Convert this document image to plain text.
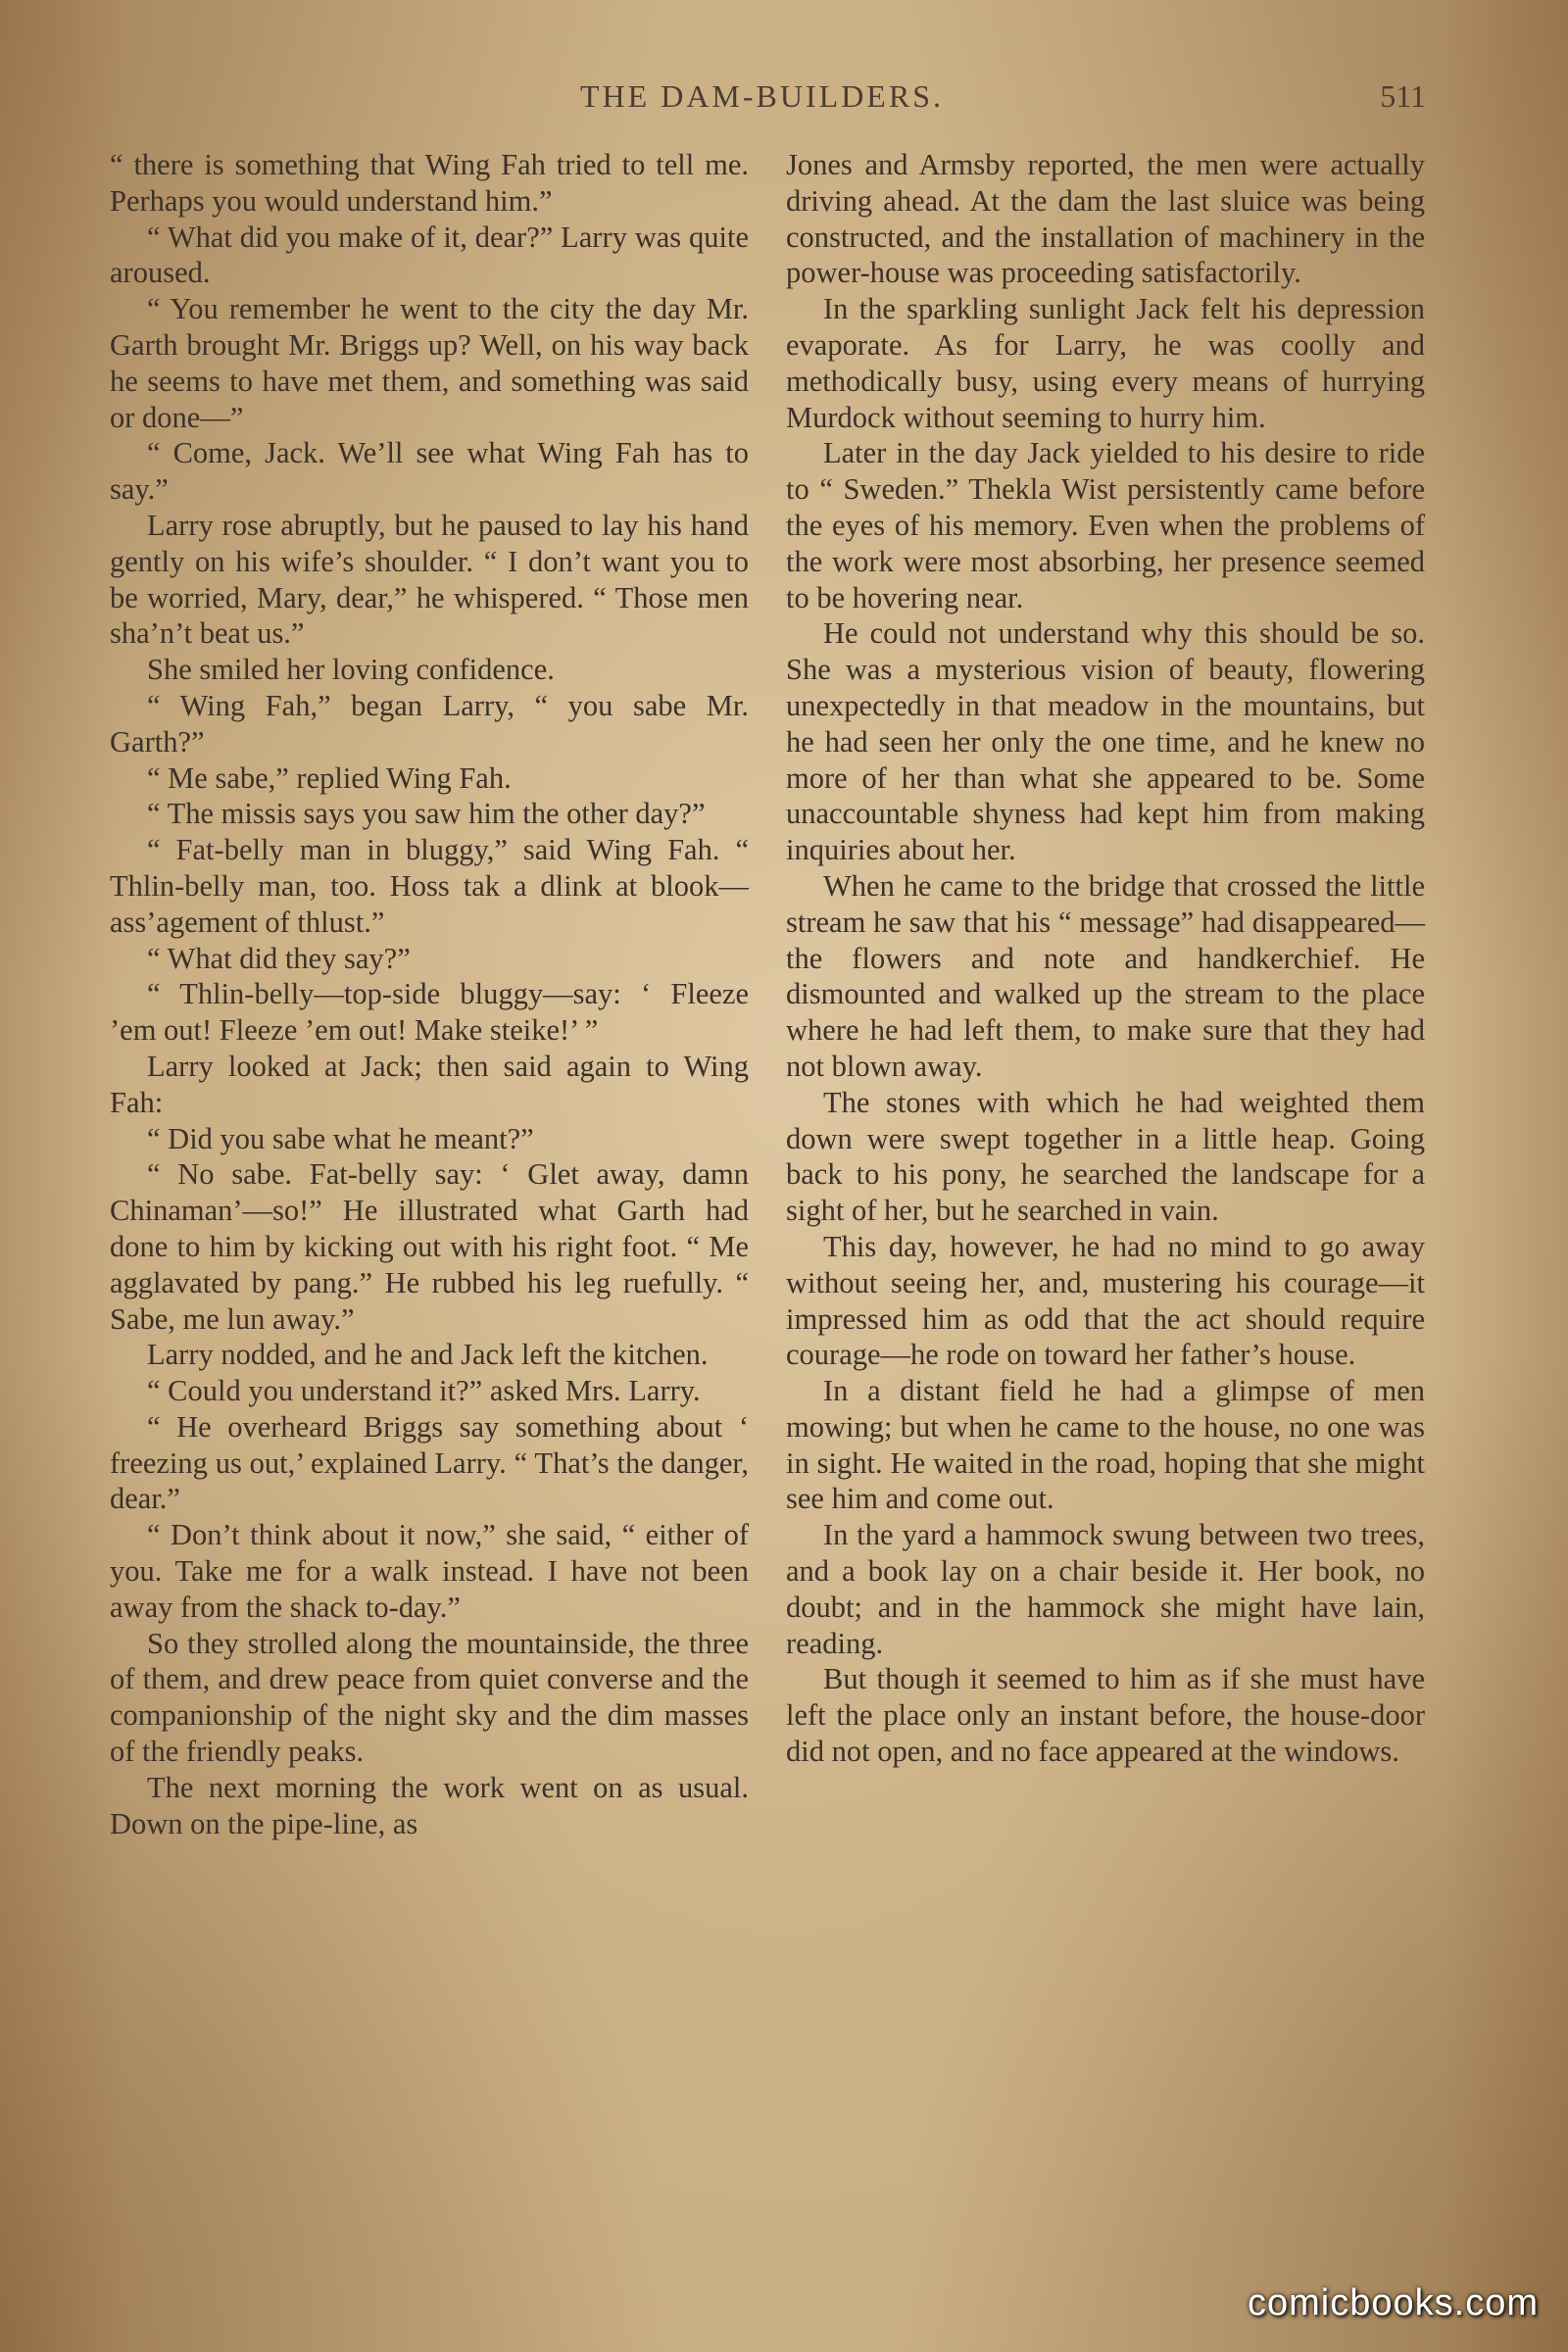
THE DAM-BUILDERS.	511

“ there is something that Wing Fah tried to tell me. Perhaps you would understand him.”

“ What did you make of it, dear?” Larry was quite aroused.

“ You remember he went to the city the day Mr. Garth brought Mr. Briggs up? Well, on his way back he seems to have met them, and something was said or done—”

“ Come, Jack. We’ll see what Wing Fah has to say.”

Larry rose abruptly, but he paused to lay his hand gently on his wife’s shoulder. “ I don’t want you to be worried, Mary, dear,” he whispered. “ Those men sha’n’t beat us.”

She smiled her loving confidence.

“ Wing Fah,” began Larry, “ you sabe Mr. Garth?”

“ Me sabe,” replied Wing Fah.

“ The missis says you saw him the other day?”

“ Fat-belly man in bluggy,” said Wing Fah. “ Thlin-belly man, too. Hoss tak a dlink at blook—ass’agement of thlust.”

“ What did they say?”

“ Thlin-belly—top-side bluggy—say: ‘ Fleeze ’em out! Fleeze ’em out! Make steike!’ ”

Larry looked at Jack; then said again to Wing Fah:

“ Did you sabe what he meant?”

“ No sabe. Fat-belly say: ‘ Glet away, damn Chinaman’—so!” He illustrated what Garth had done to him by kicking out with his right foot. “ Me agglavated by pang.” He rubbed his leg ruefully. “ Sabe, me lun away.”

Larry nodded, and he and Jack left the kitchen.

“ Could you understand it?” asked Mrs. Larry.

“ He overheard Briggs say something about ‘ freezing us out,’ explained Larry. “ That’s the danger, dear.”

“ Don’t think about it now,” she said, “ either of you. Take me for a walk instead. I have not been away from the shack to-day.”

So they strolled along the mountainside, the three of them, and drew peace from quiet converse and the companionship of the night sky and the dim masses of the friendly peaks.

The next morning the work went on as usual. Down on the pipe-line, as

Jones and Armsby reported, the men were actually driving ahead. At the dam the last sluice was being constructed, and the installation of machinery in the power-house was proceeding satisfactorily.

In the sparkling sunlight Jack felt his depression evaporate. As for Larry, he was coolly and methodically busy, using every means of hurrying Murdock without seeming to hurry him.

Later in the day Jack yielded to his desire to ride to “ Sweden.” Thekla Wist persistently came before the eyes of his memory. Even when the problems of the work were most absorbing, her presence seemed to be hovering near.

He could not understand why this should be so. She was a mysterious vision of beauty, flowering unexpectedly in that meadow in the mountains, but he had seen her only the one time, and he knew no more of her than what she appeared to be. Some unaccountable shyness had kept him from making inquiries about her.

When he came to the bridge that crossed the little stream he saw that his “ message” had disappeared—the flowers and note and handkerchief. He dismounted and walked up the stream to the place where he had left them, to make sure that they had not blown away.

The stones with which he had weighted them down were swept together in a little heap. Going back to his pony, he searched the landscape for a sight of her, but he searched in vain.

This day, however, he had no mind to go away without seeing her, and, mustering his courage—it impressed him as odd that the act should require courage—he rode on toward her father’s house.

In a distant field he had a glimpse of men mowing; but when he came to the house, no one was in sight. He waited in the road, hoping that she might see him and come out.

In the yard a hammock swung between two trees, and a book lay on a chair beside it. Her book, no doubt; and in the hammock she might have lain, reading.

But though it seemed to him as if she must have left the place only an instant before, the house-door did not open, and no face appeared at the windows.

comicbooks.com
